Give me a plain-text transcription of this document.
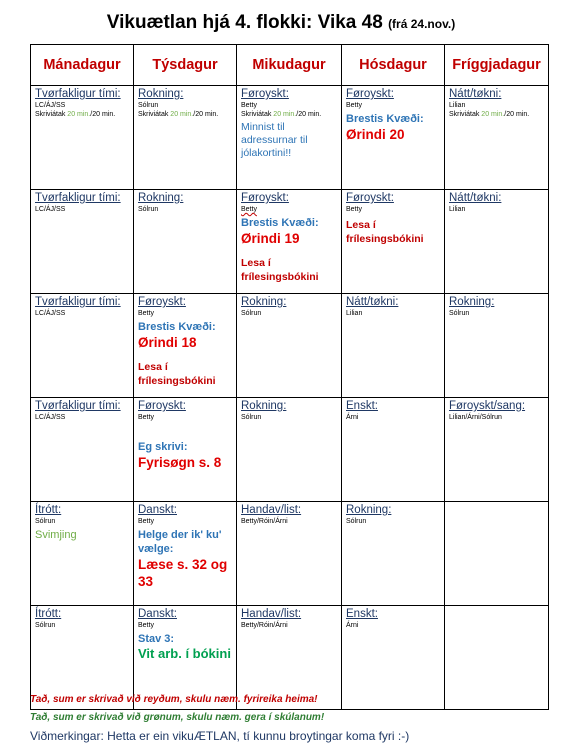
Vikuætlan hjá 4. flokki: Vika 48 (frá 24.nov.)
Mánadagur	Týsdagur	Mikudagur	Hósdagur	Fríggjadagur

Tvørfakligur tími:
LC/ÁJ/SS
Skriviátak 20 min./20 min.	Rokning:
Sólrun
Skriviátak 20 min./20 min.	Føroyskt:
Betty
Skriviátak 20 min./20 min.
Minnist til adressurnar til jólakortini!!	Føroyskt:
Betty
Brestis Kvæði:
Ørindi 20	Nátt/tøkni:
Lilian
Skriviátak 20 min./20 min.

Tvørfakligur tími:
LC/ÁJ/SS	Rokning:
Sólrun	Føroyskt:
Betty
Brestis Kvæði:
Ørindi 19
Lesa í frílesingsbókini	Føroyskt:
Betty
Lesa í frílesingsbókini	Nátt/tøkni:
Lilian

Tvørfakligur tími:
LC/ÁJ/SS	Føroyskt:
Betty
Brestis Kvæði:
Ørindi 18
Lesa í frílesingsbókini	Rokning:
Sólrun	Nátt/tøkni:
Lilian	Rokning:
Sólrun

Tvørfakligur tími:
LC/ÁJ/SS	Føroyskt:
Betty
Eg skrivi:
Fyrisøgn s. 8	Rokning:
Sólrun	Enskt:
Árni	Føroyskt/sang:
Lilian/Árni/Sólrun

Ítrótt:
Sólrun
Svimjing	Danskt:
Betty
Helge der ik' ku' vælge:
Læse s. 32 og 33	Handav/list:
Betty/Róin/Árni	Rokning:
Sólrun	

Ítrótt:
Sólrun	Danskt:
Betty
Stav 3:
Vit arb. í bókini	Handav/list:
Betty/Róin/Árni	Enskt:
Árni	

Tað, sum er skrivað við reyðum, skulu næm. fyrireika heima!
Tað, sum er skrivað við grønum, skulu næm. gera í skúlanum!
Viðmerkingar: Hetta er ein vikuÆTLAN, tí kunnu broytingar koma fyri :-)
